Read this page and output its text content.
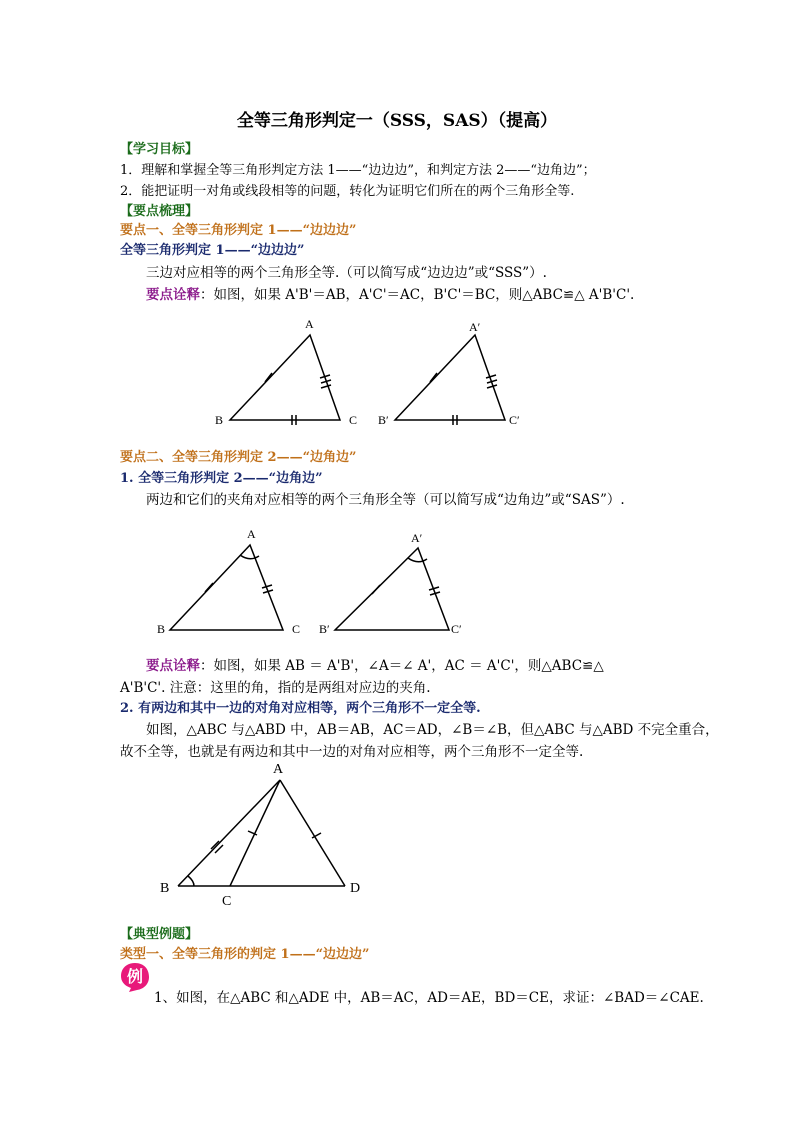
全等三角形判定一（SSS，SAS）（提高）
【学习目标】
1．理解和掌握全等三角形判定方法 1——“边边边”，和判定方法 2——“边角边”；
2．能把证明一对角或线段相等的问题，转化为证明它们所在的两个三角形全等.
【要点梳理】
要点一、全等三角形判定 1——“边边边”
全等三角形判定 1——“边边边”
三边对应相等的两个三角形全等.（可以简写成“边边边”或“SSS”）.
要点诠释：如图，如果 A'B'＝AB，A'C'＝AC，B'C'＝BC，则△ABC≌△ A'B'C'.
A
B	C
A′
B′	C′
A
B	C
A′
B′	C′
A
B
C
D
要点二、全等三角形判定 2——“边角边”
1. 全等三角形判定 2——“边角边”
两边和它们的夹角对应相等的两个三角形全等（可以简写成“边角边”或“SAS”）.
要点诠释：如图，如果 AB ＝ A'B'，∠A＝∠ A'，AC ＝ A'C'，则△ABC≌△
A'B'C'. 注意：这里的角，指的是两组对应边的夹角.
2. 有两边和其中一边的对角对应相等，两个三角形不一定全等.
如图，△ABC 与△ABD 中，AB＝AB，AC＝AD，∠B＝∠B，但△ABC 与△ABD 不完全重合，
故不全等，也就是有两边和其中一边的对角对应相等，两个三角形不一定全等.
【典型例题】
类型一、全等三角形的判定 1——“边边边”
例
1、如图，在△ABC 和△ADE 中，AB＝AC，AD＝AE，BD＝CE，求证：∠BAD＝∠CAE.
